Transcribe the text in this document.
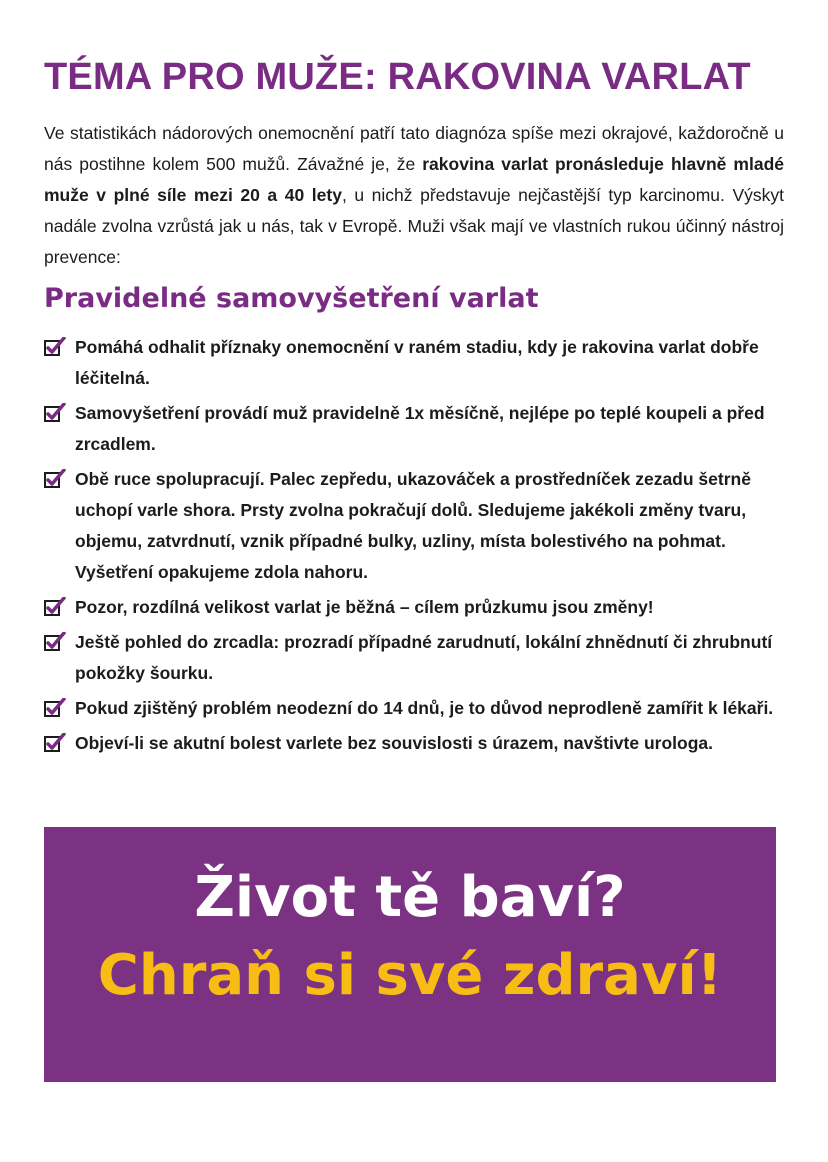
TÉMA PRO MUŽE: RAKOVINA VARLAT

Ve statistikách nádorových onemocnění patří tato diagnóza spíše mezi okrajové, každoročně u nás postihne kolem 500 mužů. Závažné je, že rakovina varlat pronásleduje hlavně mladé muže v plné síle mezi 20 a 40 lety, u nichž představuje nejčastější typ karcinomu. Výskyt nadále zvolna vzrůstá jak u nás, tak v Evropě. Muži však mají ve vlastních rukou účinný nástroj prevence:

Pravidelné samovyšetření varlat
Pomáhá odhalit příznaky onemocnění v raném stadiu, kdy je rakovina varlat dobře léčitelná.
Samovyšetření provádí muž pravidelně 1x měsíčně, nejlépe po teplé koupeli a před zrcadlem.
Obě ruce spolupracují. Palec zepředu, ukazováček a prostředníček zezadu šetrně uchopí varle shora. Prsty zvolna pokračují dolů. Sledujeme jakékoli změny tvaru, objemu, zatvrdnutí, vznik případné bulky, uzliny, místa bolestivého na pohmat. Vyšetření opakujeme zdola nahoru.
Pozor, rozdílná velikost varlat je běžná – cílem průzkumu jsou změny!
Ještě pohled do zrcadla: prozradí případné zarudnutí, lokální zhnědnutí či zhrubnutí pokožky šourku.
Pokud zjištěný problém neodezní do 14 dnů, je to důvod neprodleně zamířit k lékaři.
Objeví-li se akutní bolest varlete bez souvislosti s úrazem, navštivte urologa.

Život tě baví?

Chraň si své zdraví!
